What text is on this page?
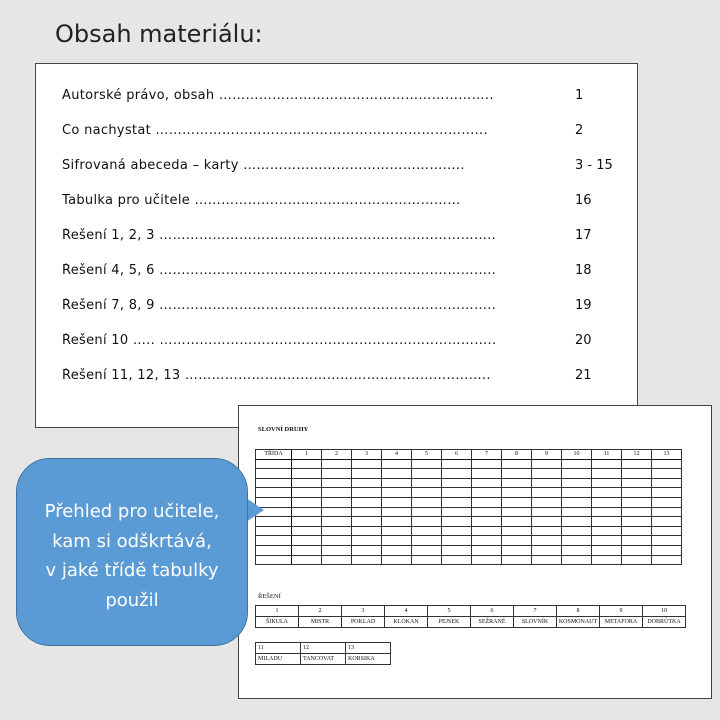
Obsah materiálu:
Autorské právo, obsah ……………………………………………………..	1
Co nachystat ……………………………………………………………..….	2
Šifrovaná abeceda – karty …………………………………………..	3 - 15
Tabulka pro učitele ……………………………………………………	16
Řešení 1, 2, 3 ……………………………………………………..…………..	17
Řešení 4, 5, 6 ……………………………………………………..…………..	18
Řešení 7, 8, 9 ……………………………………………………..…………..	19
Řešení 10 ….. ……………………………………………………..…………..	20
Řešení 11, 12, 13 …………………..………………………………..……..	21
SLOVNÍ DRUHY
TŘÍDA	1	2	3	4	5	6	7	8	9	10	11	12	13

ŘEŠENÍ
1	2	3	4	5	6	7	8	9	10
ŠIKULA	MISTR	POKLAD	KLOKAN	PEJSEK	SEŽRANÉ	SLOVNÍK	KOSMONAUT	METAFORA	DOBRŮTKA
11	12	13
MILADU	TANCOVAT	KORSIKA
Přehled pro učitele,
kam si odškrtává,
v jaké třídě tabulky
použil
